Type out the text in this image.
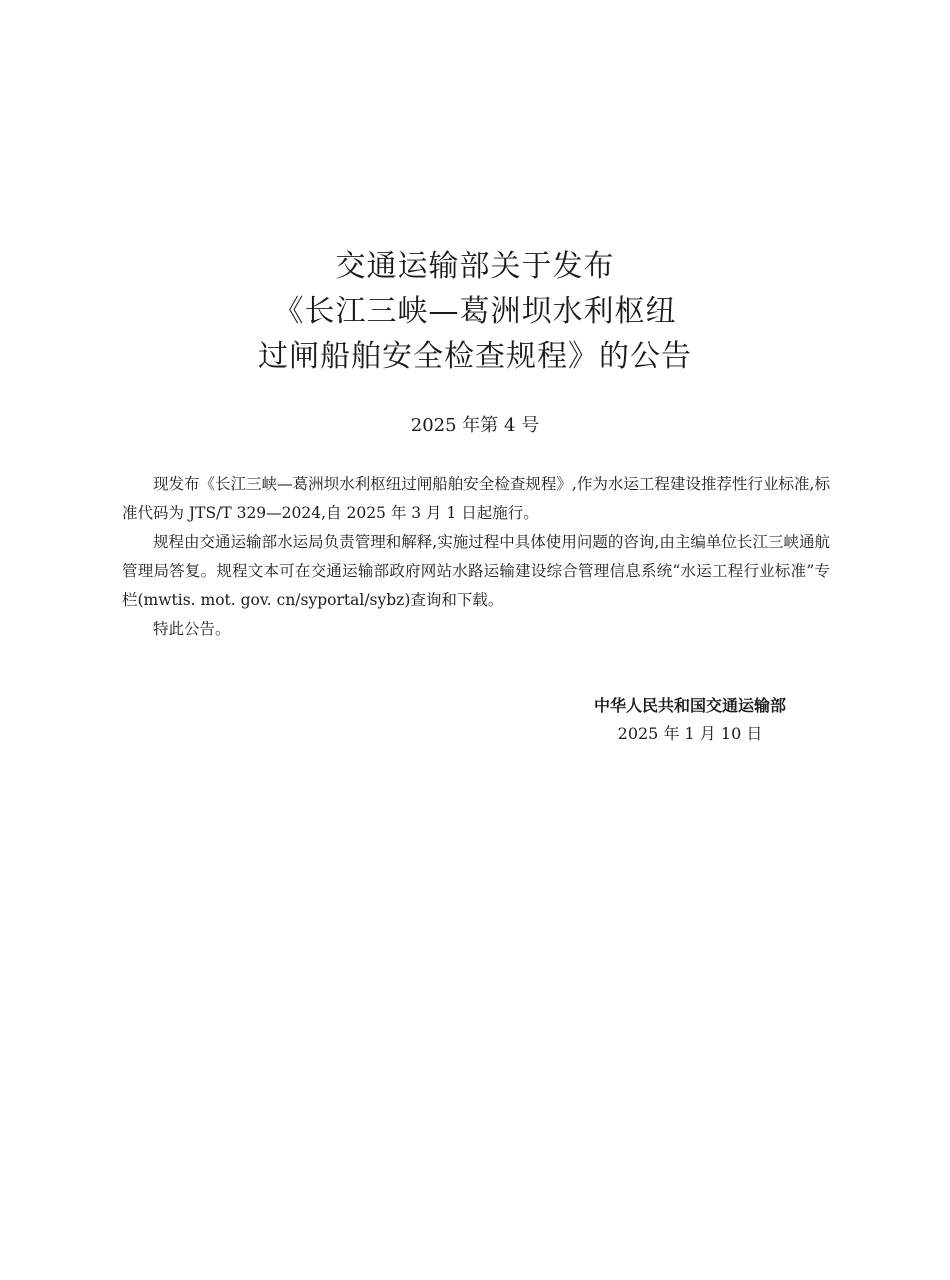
交通运输部关于发布
《长江三峡—葛洲坝水利枢纽
过闸船舶安全检查规程》的公告
2025 年第 4 号

现发布《长江三峡—葛洲坝水利枢纽过闸船舶安全检查规程》,作为水运工程建设推荐性行业标准,标准代码为 JTS/T 329—2024,自 2025 年 3 月 1 日起施行。

规程由交通运输部水运局负责管理和解释,实施过程中具体使用问题的咨询,由主编单位长江三峡通航管理局答复。规程文本可在交通运输部政府网站水路运输建设综合管理信息系统“水运工程行业标准”专栏(mwtis. mot. gov. cn/syportal/sybz)查询和下载。

特此公告。

中华人民共和国交通运输部
2025 年 1 月 10 日
